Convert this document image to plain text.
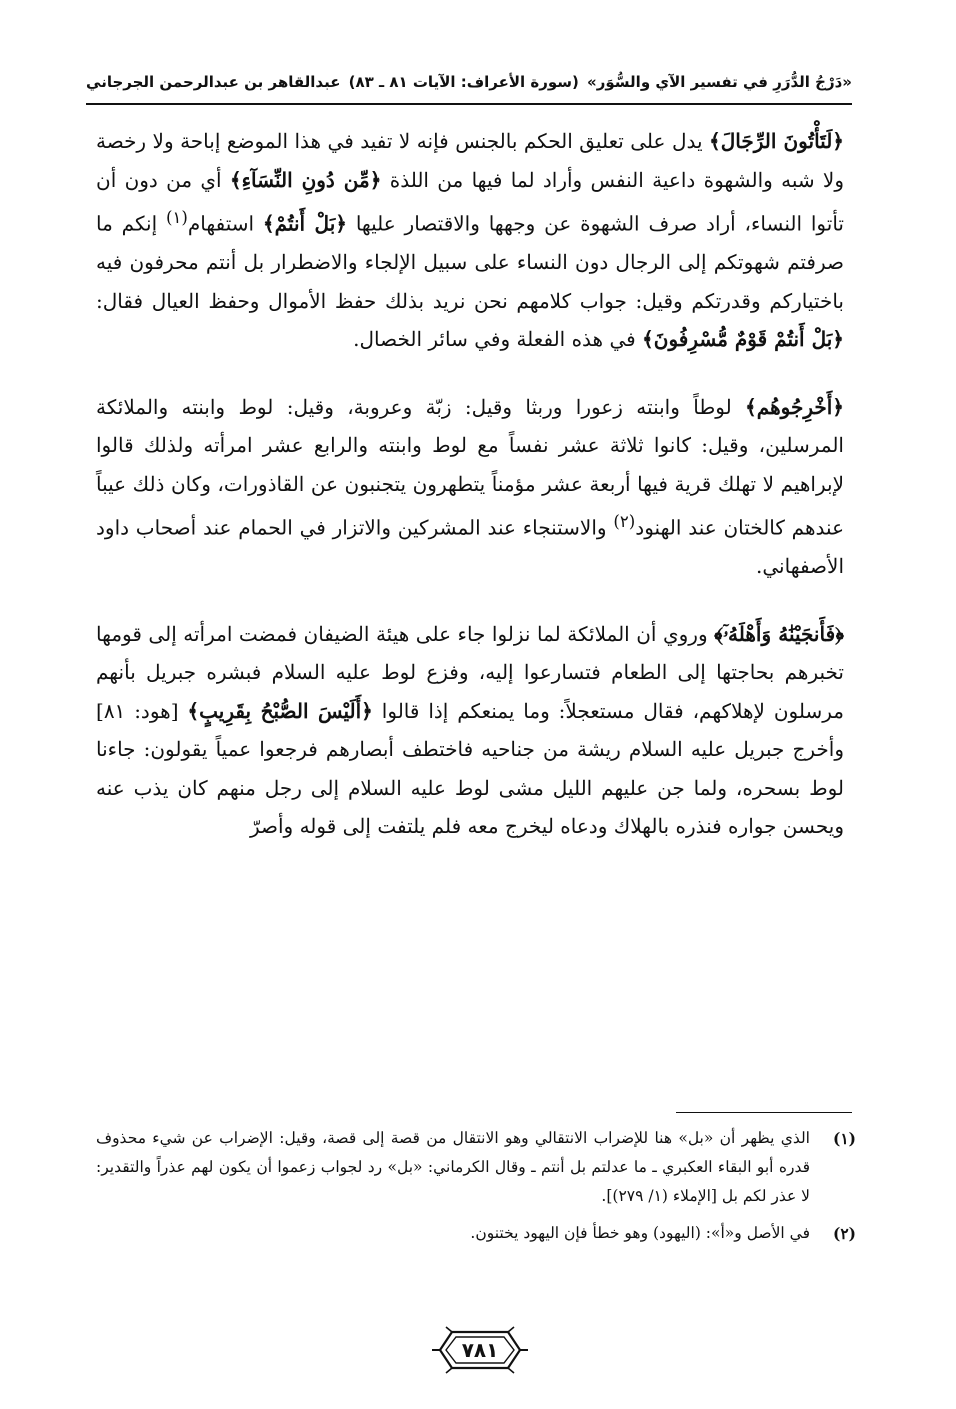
«دَرْجُ الدُّرَرِ في تفسير الآي والسُّوَر»
(سورة الأعراف: الآيات ٨١ ـ ٨٣)
عبدالقاهر بن عبدالرحمن الجرجاني

﴿لَتَأْتُونَ الرِّجَالَ﴾ يدل على تعليق الحكم بالجنس فإنه لا تفيد في هذا الموضع إباحة ولا رخصة ولا شبه والشهوة داعية النفس وأراد لما فيها من اللذة ﴿مِّن دُونِ النِّسَآءِ﴾ أي من دون أن تأتوا النساء، أراد صرف الشهوة عن وجهها والاقتصار عليها ﴿بَلْ أَنتُمْ﴾ استفهام$^{(١)}$ إنكم ما صرفتم شهوتكم إلى الرجال دون النساء على سبيل الإلجاء والاضطرار بل أنتم محرفون فيه باختياركم وقدرتكم وقيل: جواب كلامهم نحن نريد بذلك حفظ الأموال وحفظ العيال فقال: ﴿بَلْ أَنتُمْ قَوْمٌ مُّسْرِفُونَ﴾ في هذه الفعلة وفي سائر الخصال.

﴿أَخْرِجُوهُم﴾ لوطاً وابنته زعورا وربثا وقيل: زبّة وعروبة، وقيل: لوط وابنته والملائكة المرسلين، وقيل: كانوا ثلاثة عشر نفساً مع لوط وابنته والرابع عشر امرأته ولذلك قالوا لإبراهيم لا تهلك قرية فيها أربعة عشر مؤمناً يتطهرون يتجنبون عن القاذورات، وكان ذلك عيباً عندهم كالختان عند الهنود$^{(٢)}$ والاستنجاء عند المشركين والاتزار في الحمام عند أصحاب داود الأصفهاني.

﴿فَأَنجَيْنَٰهُ وَأَهْلَهُۥٓ﴾ وروي أن الملائكة لما نزلوا جاء على هيئة الضيفان فمضت امرأته إلى قومها تخبرهم بحاجتها إلى الطعام فتسارعوا إليه، وفزع لوط عليه السلام فبشره جبريل بأنهم مرسلون لإهلاكهم، فقال مستعجلاً: وما يمنعكم إذا قالوا ﴿أَلَيْسَ الصُّبْحُ بِقَرِيبٍ﴾ [هود: ٨١] وأخرج جبريل عليه السلام ريشة من جناحيه فاختطف أبصارهم فرجعوا عمياً يقولون: جاءنا لوط بسحره، ولما جن عليهم الليل مشى لوط عليه السلام إلى رجل منهم كان يذب عنه ويحسن جواره فنذره بالهلاك ودعاه ليخرج معه فلم يلتفت إلى قوله وأصرّ

(١)
الذي يظهر أن «بل» هنا للإضراب الانتقالي وهو الانتقال من قصة إلى قصة، وقيل: الإضراب عن شيء محذوف قدره أبو البقاء العكبري ـ ما عدلتم بل أنتم ـ وقال الكرماني: «بل» رد لجواب زعموا أن يكون لهم عذراً والتقدير: لا عذر لكم بل [الإملاء (١/ ٢٧٩)].
(٢)
في الأصل و«أ»: (اليهود) وهو خطأ فإن اليهود يختنون.
٧٨١
